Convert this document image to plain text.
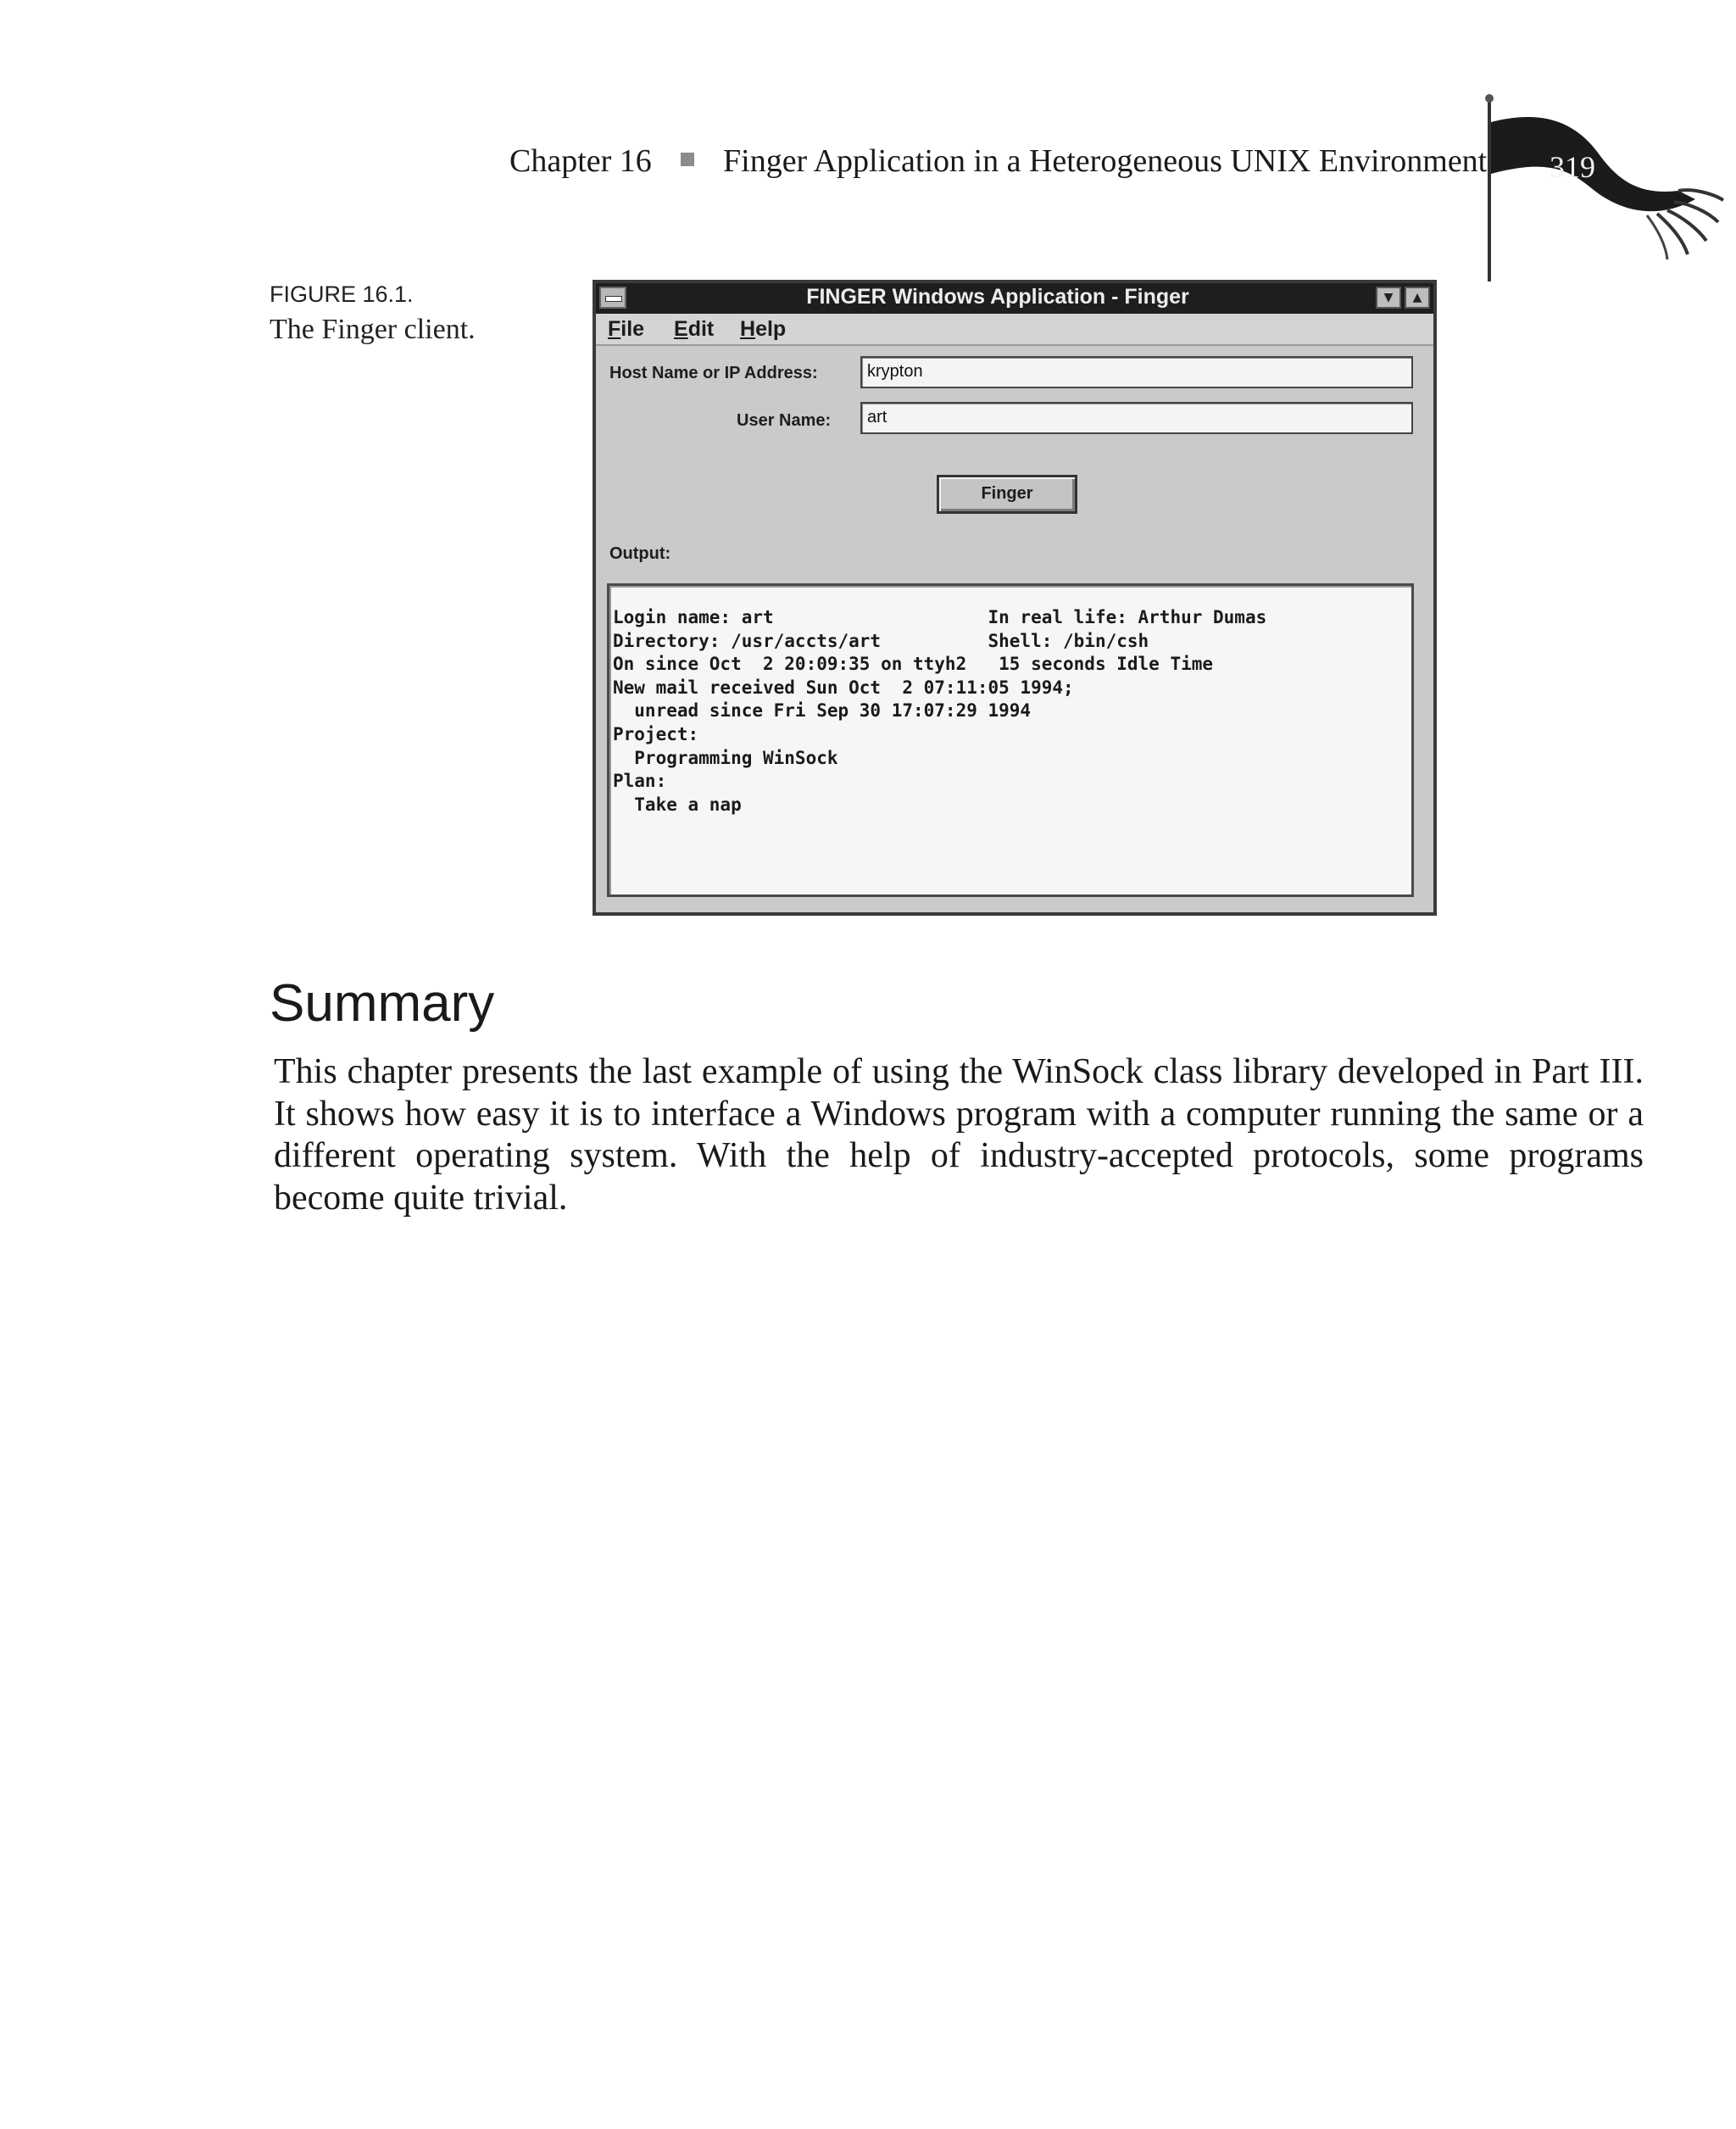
Chapter 16 Finger Application in a Heterogeneous UNIX Environment 319
FIGURE 16.1.
The Finger client.
FINGER Windows Application - Finger	▼	▲
File Edit Help
Host Name or IP Address:	krypton
User Name:	art
Finger
Output:
Login name: art                    In real life: Arthur Dumas
Directory: /usr/accts/art          Shell: /bin/csh
On since Oct  2 20:09:35 on ttyh2   15 seconds Idle Time
New mail received Sun Oct  2 07:11:05 1994;
unread since Fri Sep 30 17:07:29 1994
Project:
Programming WinSock
Plan:
Take a nap
Summary
This chapter presents the last example of using the WinSock class library developed in Part III. It shows how easy it is to interface a Windows program with a computer running the same or a different operating system. With the help of industry-accepted protocols, some programs become quite trivial.
